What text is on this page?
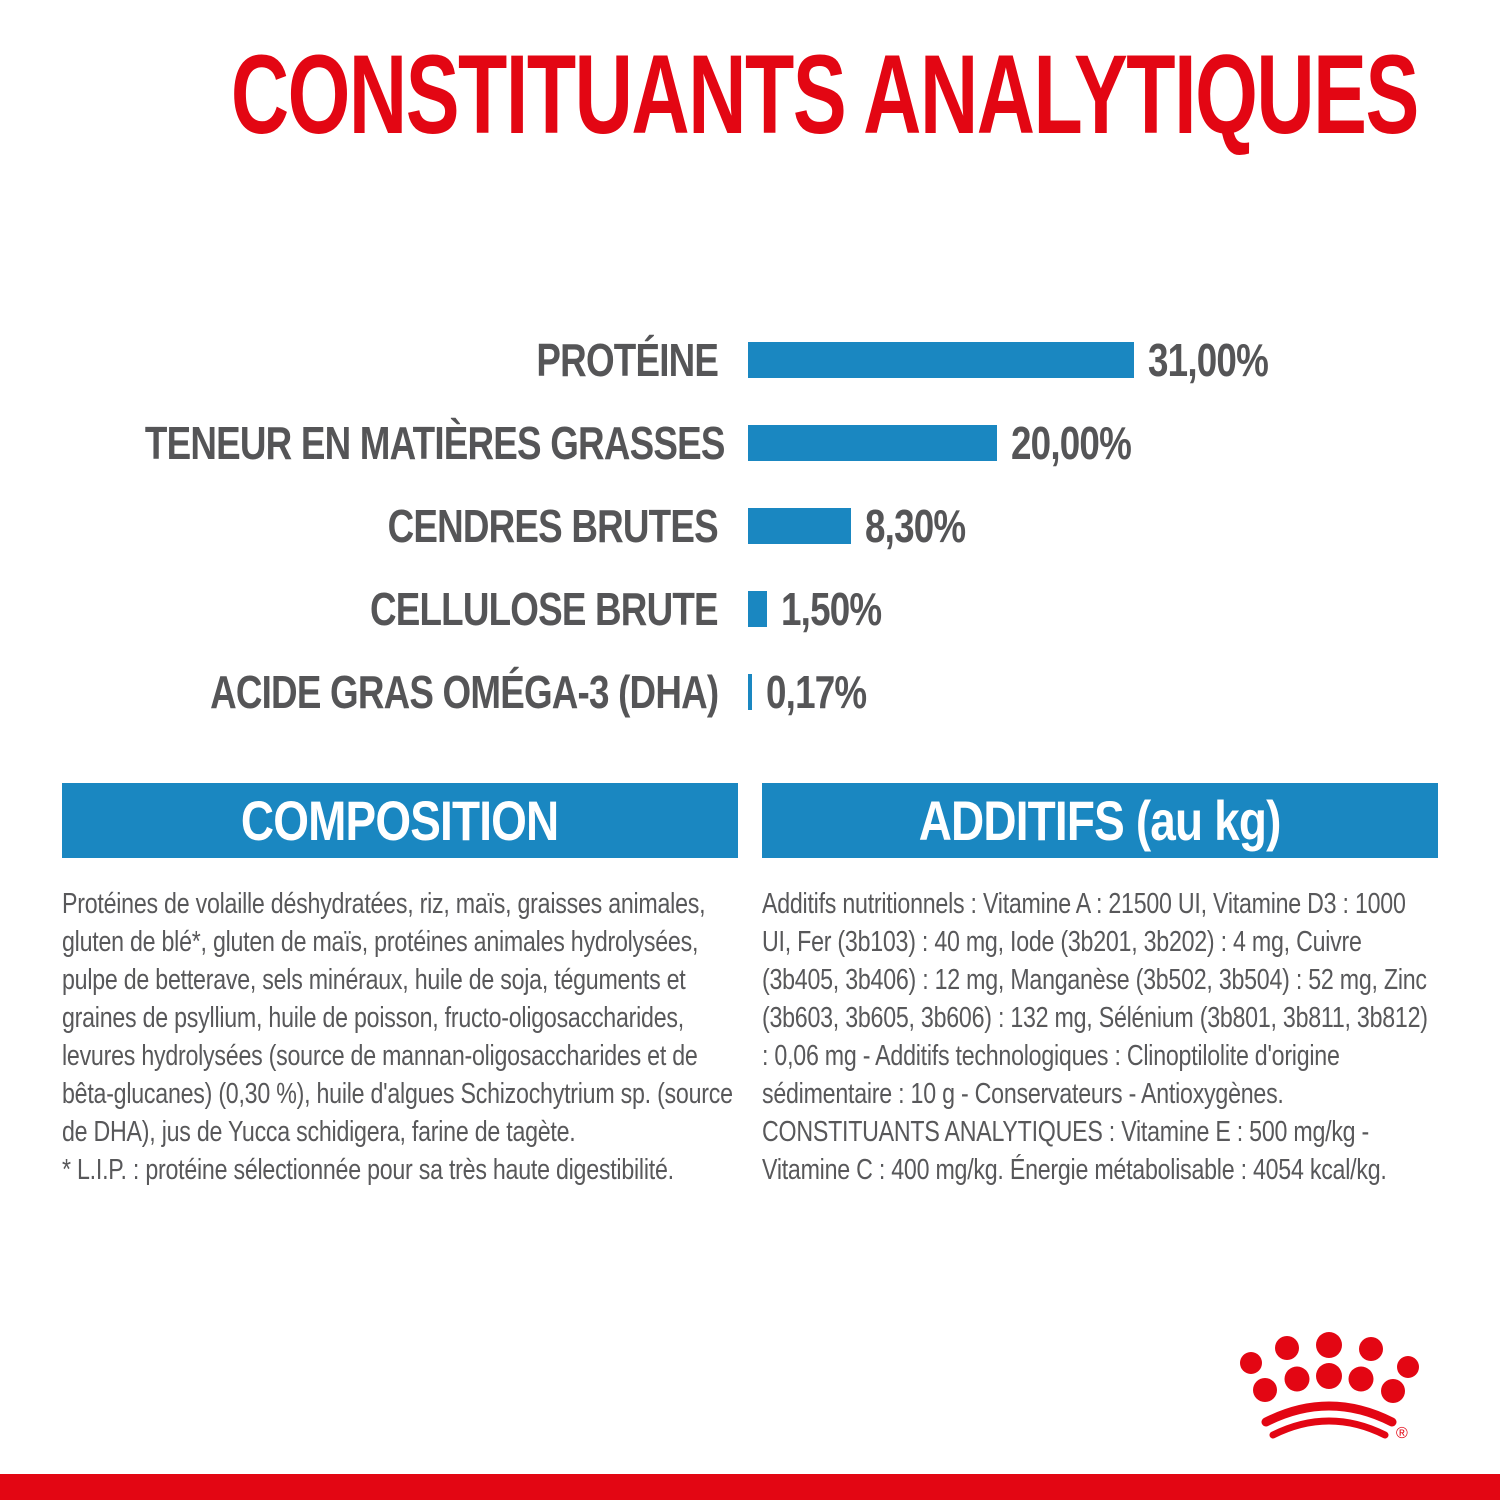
CONSTITUANTS ANALYTIQUES
PROTÉINE	31,00%
TENEUR EN MATIÈRES GRASSES	20,00%
CENDRES BRUTES	8,30%
CELLULOSE BRUTE 1,50%
ACIDE GRAS OMÉGA-3 (DHA) 0,17%
COMPOSITION

Protéines de volaille déshydratées, riz, maïs, graisses animales, gluten de blé*, gluten de maïs, protéines animales hydrolysées, pulpe de betterave, sels minéraux, huile de soja, téguments et graines de psyllium, huile de poisson, fructo-oligosaccharides, levures hydrolysées (source de mannan-oligosaccharides et de bêta-glucanes) (0,30 %), huile d'algues Schizochytrium sp. (source de DHA), jus de Yucca schidigera, farine de tagète.

* L.I.P. : protéine sélectionnée pour sa très haute digestibilité.

ADDITIFS (au kg)

Additifs nutritionnels : Vitamine A : 21500 UI, Vitamine D3 : 1000 UI, Fer (3b103) : 40 mg, Iode (3b201, 3b202) : 4 mg, Cuivre (3b405, 3b406) : 12 mg, Manganèse (3b502, 3b504) : 52 mg, Zinc (3b603, 3b605, 3b606) : 132 mg, Sélénium (3b801, 3b811, 3b812) : 0,06 mg - Additifs technologiques : Clinoptilolite d'origine sédimentaire : 10 g - Conservateurs - Antioxygènes. CONSTITUANTS ANALYTIQUES : Vitamine E : 500 mg/kg - Vitamine C : 400 mg/kg. Énergie métabolisable : 4054 kcal/kg.

®
